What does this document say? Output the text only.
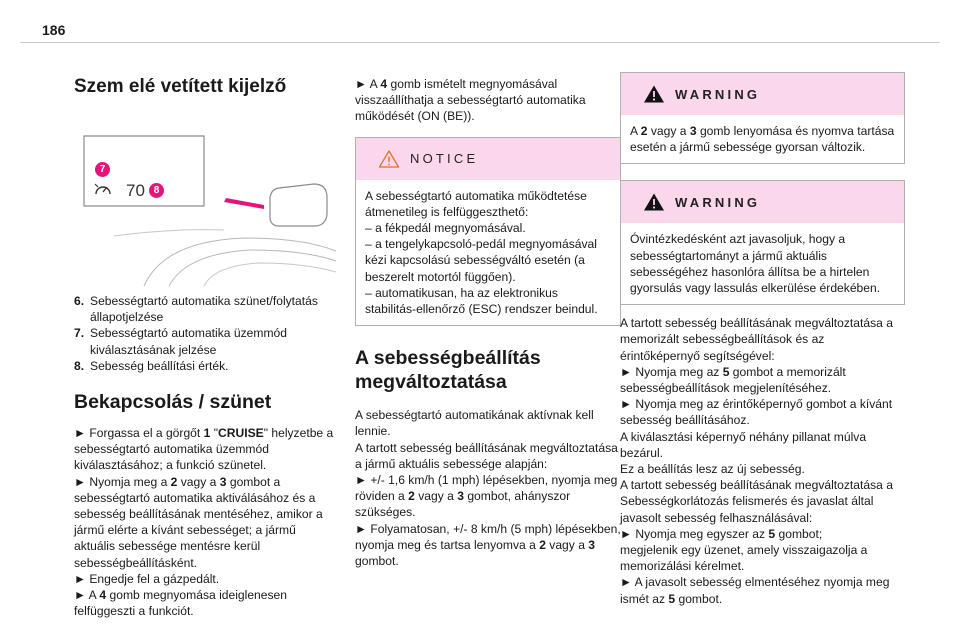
186
Szem elé vetített kijelző
70
7
8
6. Sebességtartó automatika szünet/folytatás állapotjelzése
7. Sebességtartó automatika üzemmód kiválasztásának jelzése
8. Sebesség beállítási érték.
Bekapcsolás / szünet

► Forgassa el a görgőt 1 "CRUISE" helyzetbe a sebességtartó automatika üzemmód kiválasztásához; a funkció szünetel.
► Nyomja meg a 2 vagy a 3 gombot a sebességtartó automatika aktiválásához és a sebesség beállításának mentéséhez, amikor a jármű elérte a kívánt sebességet; a jármű aktuális sebessége mentésre kerül sebességbeállításként.
► Engedje fel a gázpedált.
► A 4 gomb megnyomása ideiglenesen felfüggeszti a funkciót.

► A 4 gomb ismételt megnyomásával visszaállíthatja a sebességtartó automatika működését (ON (BE)).

NOTICE

A sebességtartó automatika működtetése átmenetileg is felfüggeszthető:
– a fékpedál megnyomásával.
– a tengelykapcsoló-pedál megnyomásával kézi kapcsolású sebességváltó esetén (a beszerelt motortól függően).
– automatikusan, ha az elektronikus stabilitás-ellenőrző (ESC) rendszer beindul.

A sebességbeállítás megváltoztatása

A sebességtartó automatikának aktívnak kell lennie.
A tartott sebesség beállításának megváltoztatása a jármű aktuális sebessége alapján:

► +/- 1,6 km/h (1 mph) lépésekben, nyomja meg röviden a 2 vagy a 3 gombot, ahányszor szükséges.

► Folyamatosan, +/- 8 km/h (5 mph) lépésekben, nyomja meg és tartsa lenyomva a 2 vagy a 3 gombot.

WARNING

A 2 vagy a 3 gomb lenyomása és nyomva tartása esetén a jármű sebessége gyorsan változik.

WARNING

Óvintézkedésként azt javasoljuk, hogy a sebességtartományt a jármű aktuális sebességéhez hasonlóra állítsa be a hirtelen gyorsulás vagy lassulás elkerülése érdekében.

A tartott sebesség beállításának megváltoztatása a memorizált sebességbeállítások és az érintőképernyő segítségével:
► Nyomja meg az 5 gombot a memorizált sebességbeállítások megjelenítéséhez.
► Nyomja meg az érintőképernyő gombot a kívánt sebesség beállításához.
A kiválasztási képernyő néhány pillanat múlva bezárul.
Ez a beállítás lesz az új sebesség.
A tartott sebesség beállításának megváltoztatása a Sebességkorlátozás felismerés és javaslat által javasolt sebesség felhasználásával:
► Nyomja meg egyszer az 5 gombot;
megjelenik egy üzenet, amely visszaigazolja a memorizálási kérelmet.
► A javasolt sebesség elmentéséhez nyomja meg ismét az 5 gombot.
